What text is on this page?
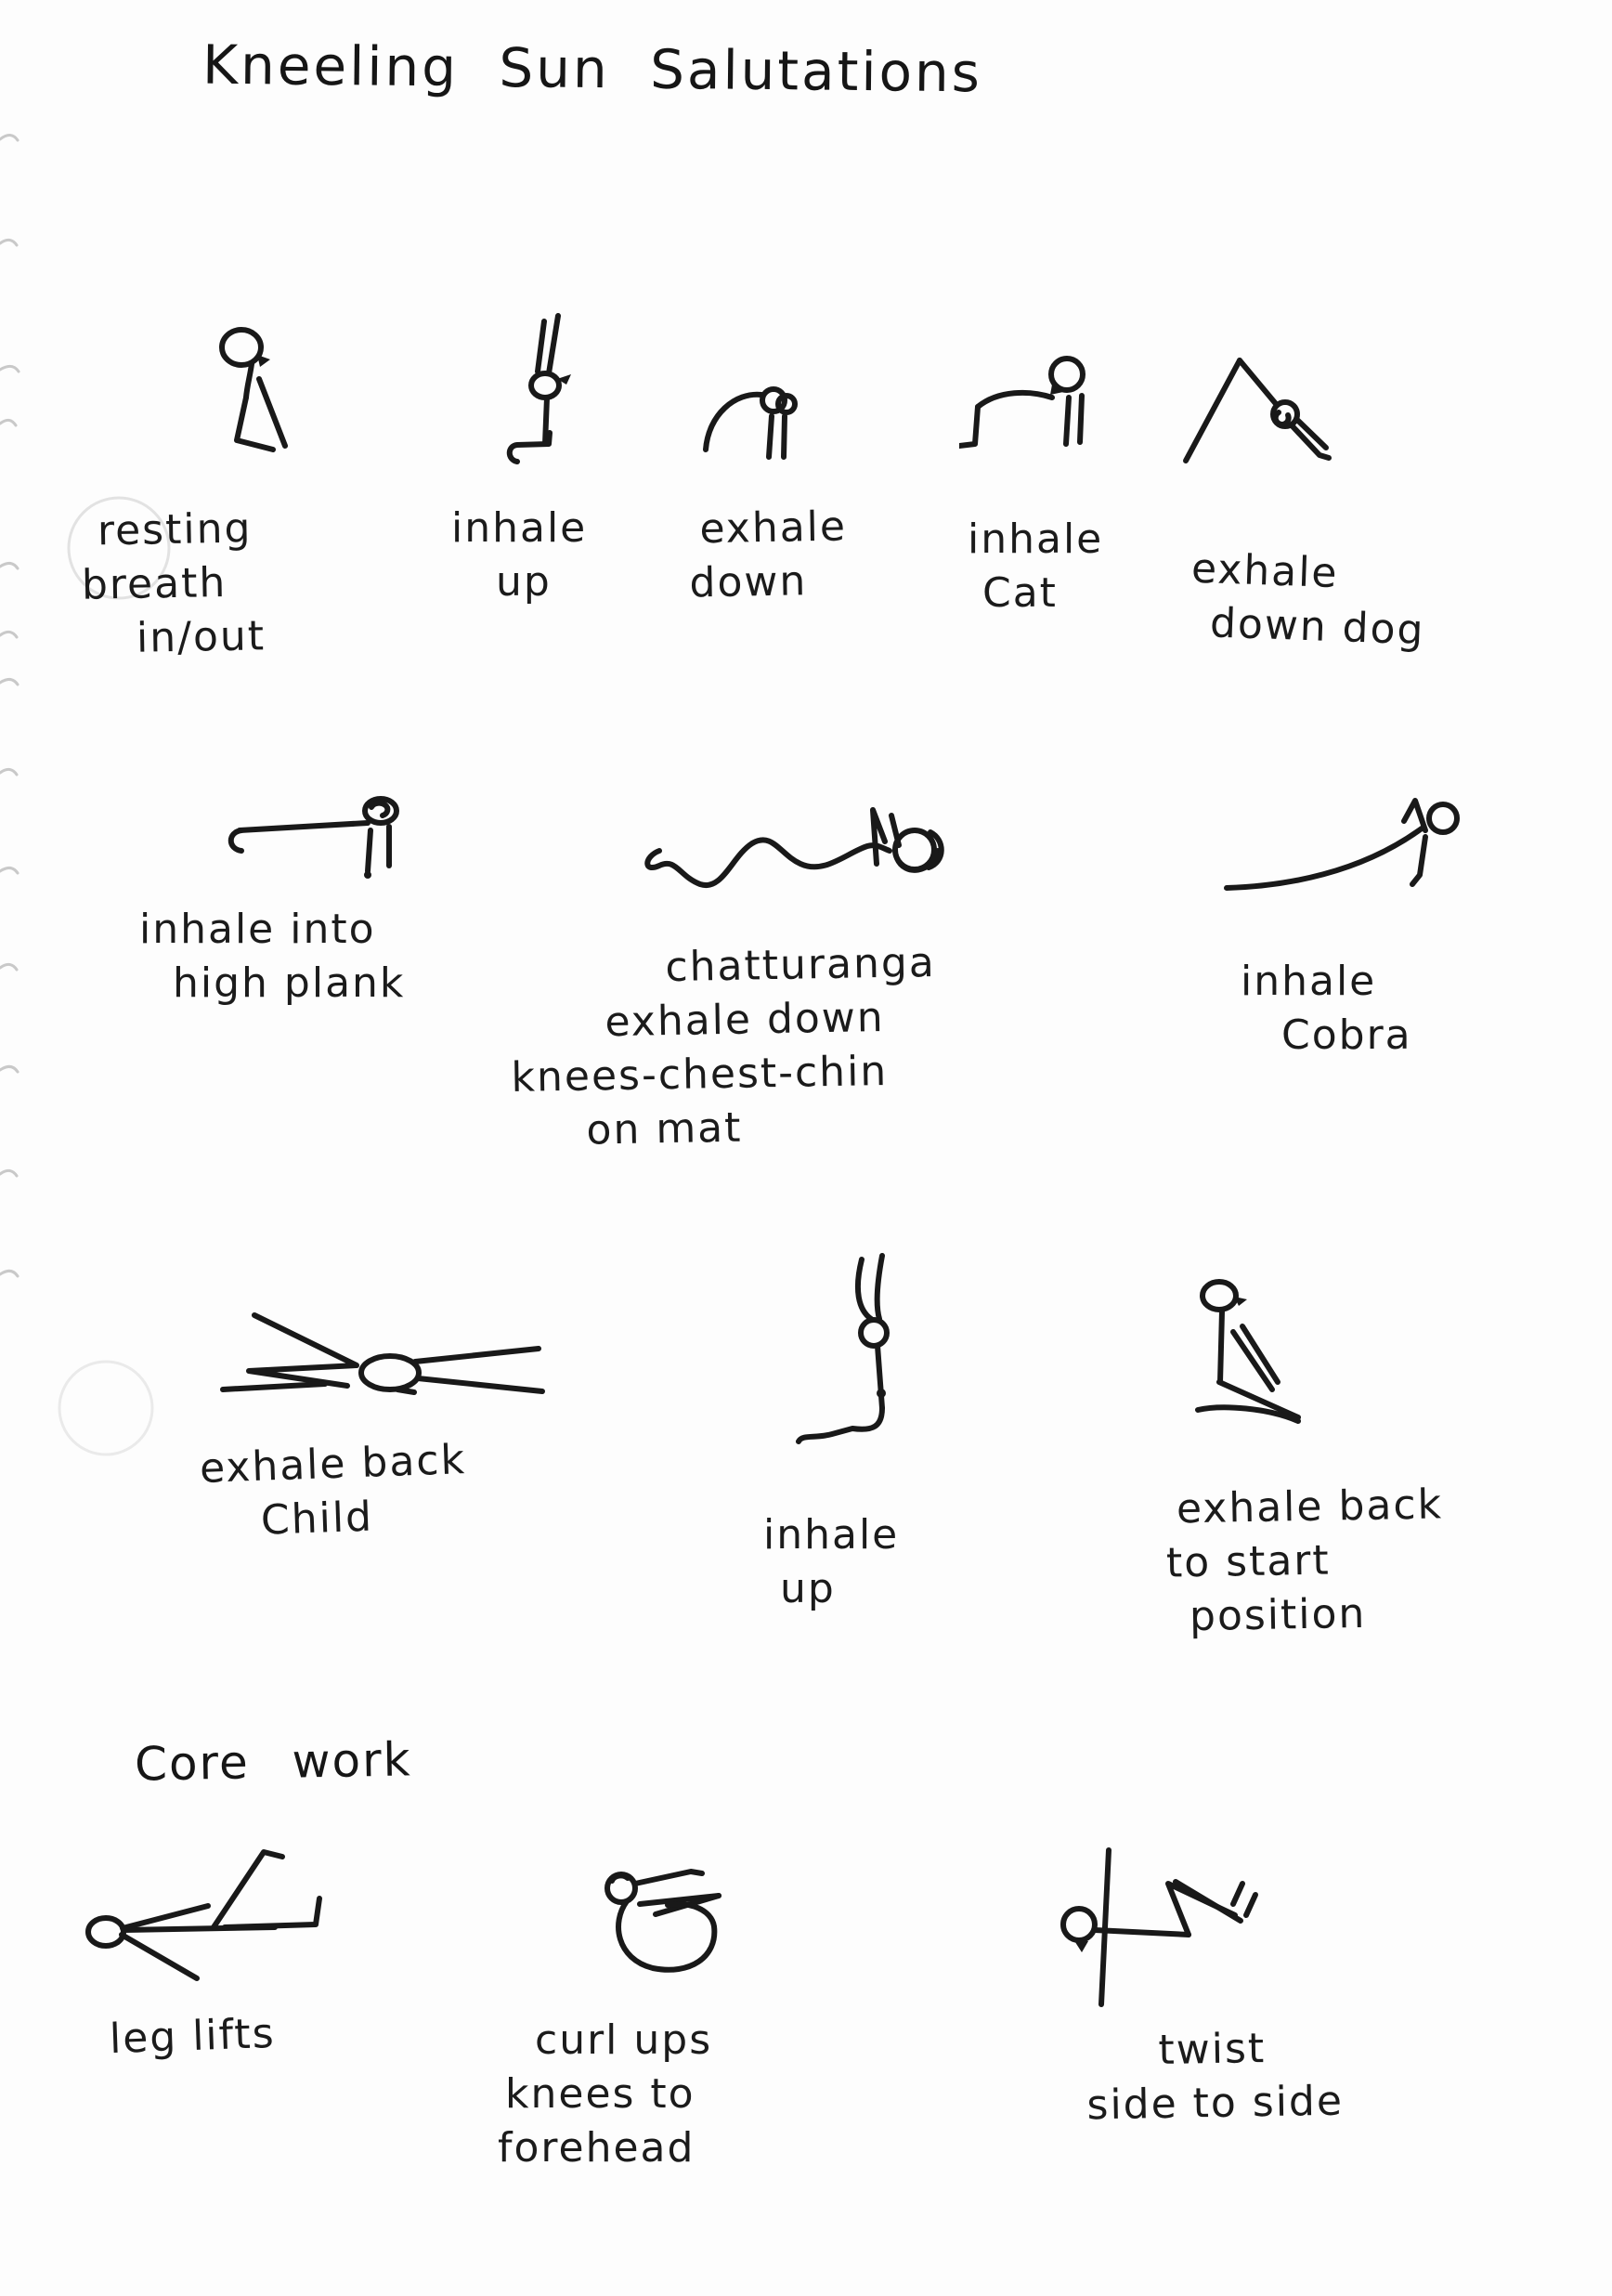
Kneeling Sun Salutations
resting
breath
in/out
inhale
up
exhale
down
inhale
Cat	exhale
down dog
inhale into
high plank	chatturanga
exhale down
knees-chest-chin
on mat
inhale
Cobra
exhale back
Child	inhale
up
exhale back
to start
position
Core work
leg lifts	curl ups
knees to
forehead
twist
side to side
